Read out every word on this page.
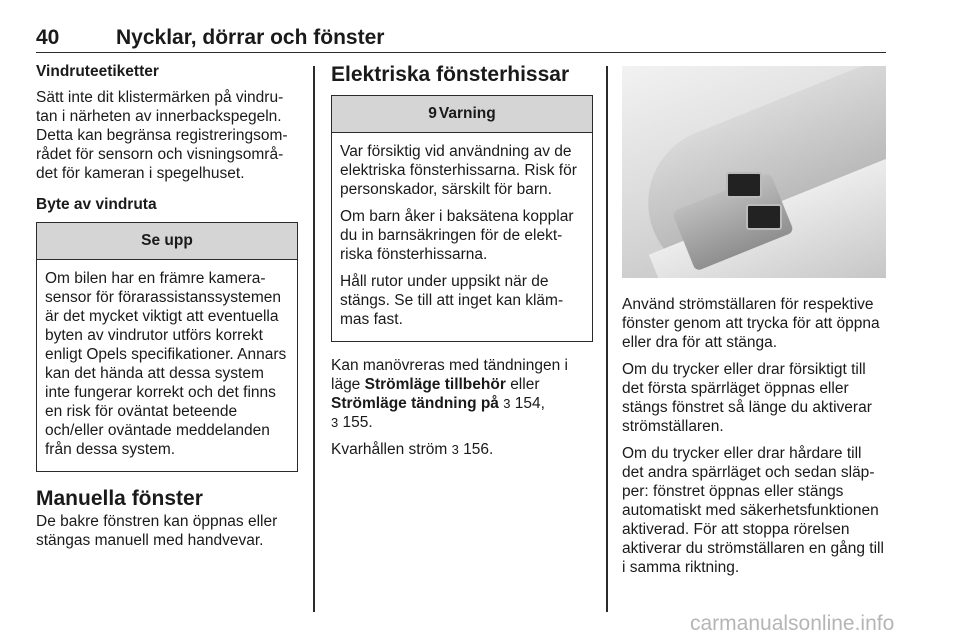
40	Nycklar, dörrar och fönster
Vindruteetiketter

Sätt inte dit klistermärken på vindrutan i närheten av innerbackspegeln. Detta kan begränsa registreringsområdet för sensorn och visningsområdet för kameran i spegelhuset.

Byte av vindruta
Se upp

Om bilen har en främre kamerasensor för förarassistanssystemen är det mycket viktigt att eventuella byten av vindrutor utförs korrekt enligt Opels specifikationer. Annars kan det hända att dessa system inte fungerar korrekt och det finns en risk för oväntat beteende och/eller oväntade meddelanden från dessa system.

Manuella fönster

De bakre fönstren kan öppnas eller stängas manuell med handvevar.

Elektriska fönsterhissar
9 Varning

Var försiktig vid användning av de elektriska fönsterhissarna. Risk för personskador, särskilt för barn.

Om barn åker i baksätena kopplar du in barnsäkringen för de elektriska fönsterhissarna.

Håll rutor under uppsikt när de stängs. Se till att inget kan klämmas fast.

Kan manövreras med tändningen i läge Strömläge tillbehör eller
Strömläge tändning på 3 154,
3 155.

Kvarhållen ström 3 156.

Använd strömställaren för respektive fönster genom att trycka för att öppna eller dra för att stänga.

Om du trycker eller drar försiktigt till det första spärrläget öppnas eller stängs fönstret så länge du aktiverar strömställaren.

Om du trycker eller drar hårdare till det andra spärrläget och sedan släpper: fönstret öppnas eller stängs automatiskt med säkerhetsfunktionen aktiverad. För att stoppa rörelsen aktiverar du strömställaren en gång till i samma riktning.

carmanualsonline.info
